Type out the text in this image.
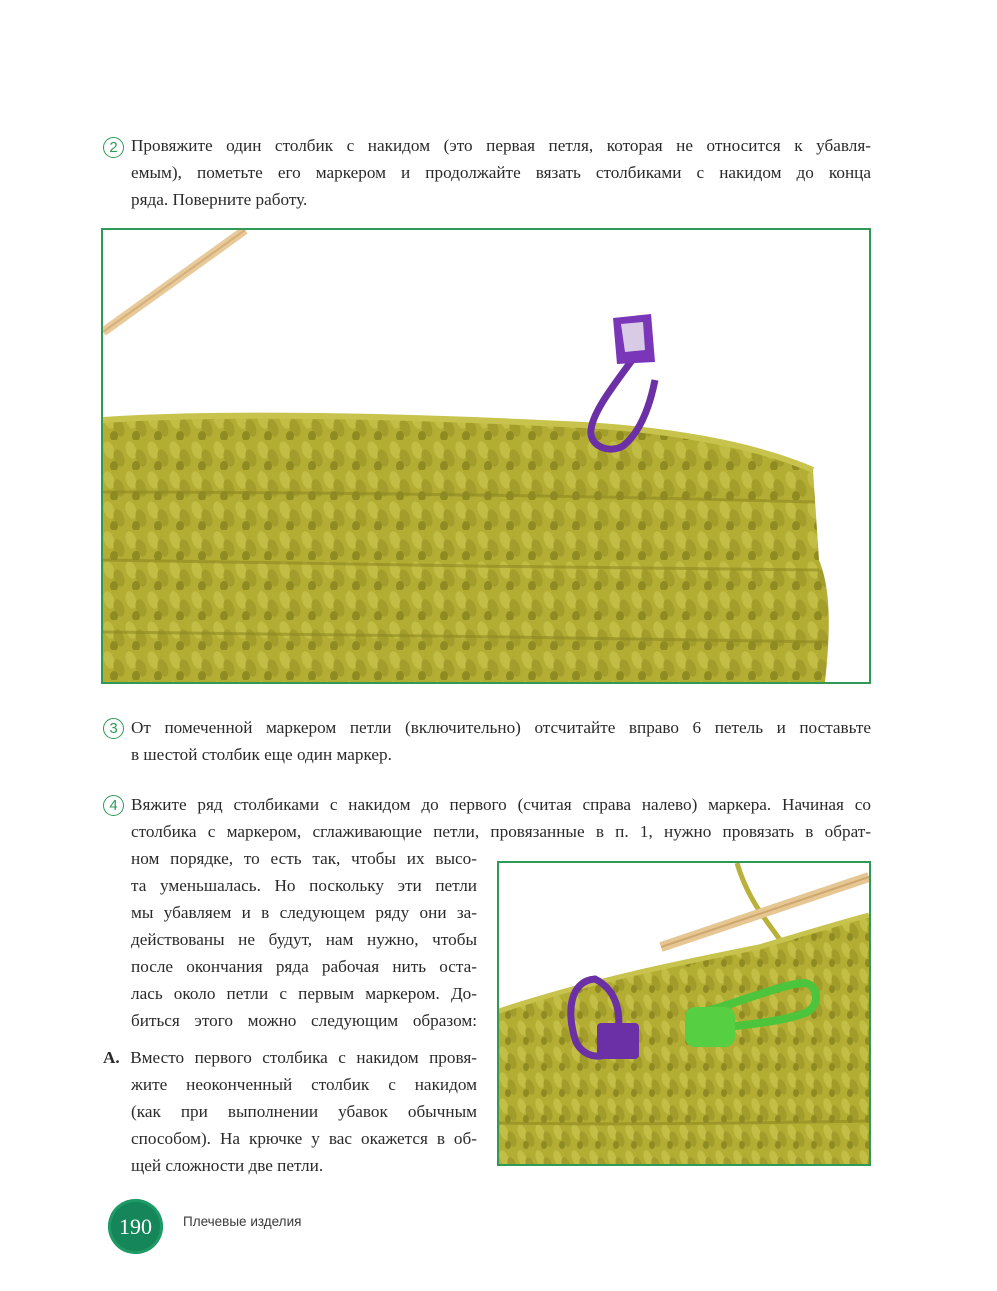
2 Провяжите один столбик с накидом (это первая петля, которая не относится к убавля-
емым), пометьте его маркером и продолжайте вязать столбиками с накидом до конца
ряда. Поверните работу.
3 От помеченной маркером петли (включительно) отсчитайте вправо 6 петель и поставьте
в шестой столбик еще один маркер.
4 Вяжите ряд столбиками с накидом до первого (считая справа налево) маркера. Начиная со
столбика с маркером, сглаживающие петли, провязанные в п. 1, нужно провязать в обрат-
ном порядке, то есть так, чтобы их высо-
та уменьшалась. Но поскольку эти петли
мы убавляем и в следующем ряду они за-
действованы не будут, нам нужно, чтобы
после окончания ряда рабочая нить оста-
лась около петли с первым маркером. До-
биться этого можно следующим образом:
А. Вместо первого столбика с накидом провя-
жите неоконченный столбик с накидом
(как при выполнении убавок обычным
способом). На крючке у вас окажется в об-
щей сложности две петли.
190	Плечевые изделия
